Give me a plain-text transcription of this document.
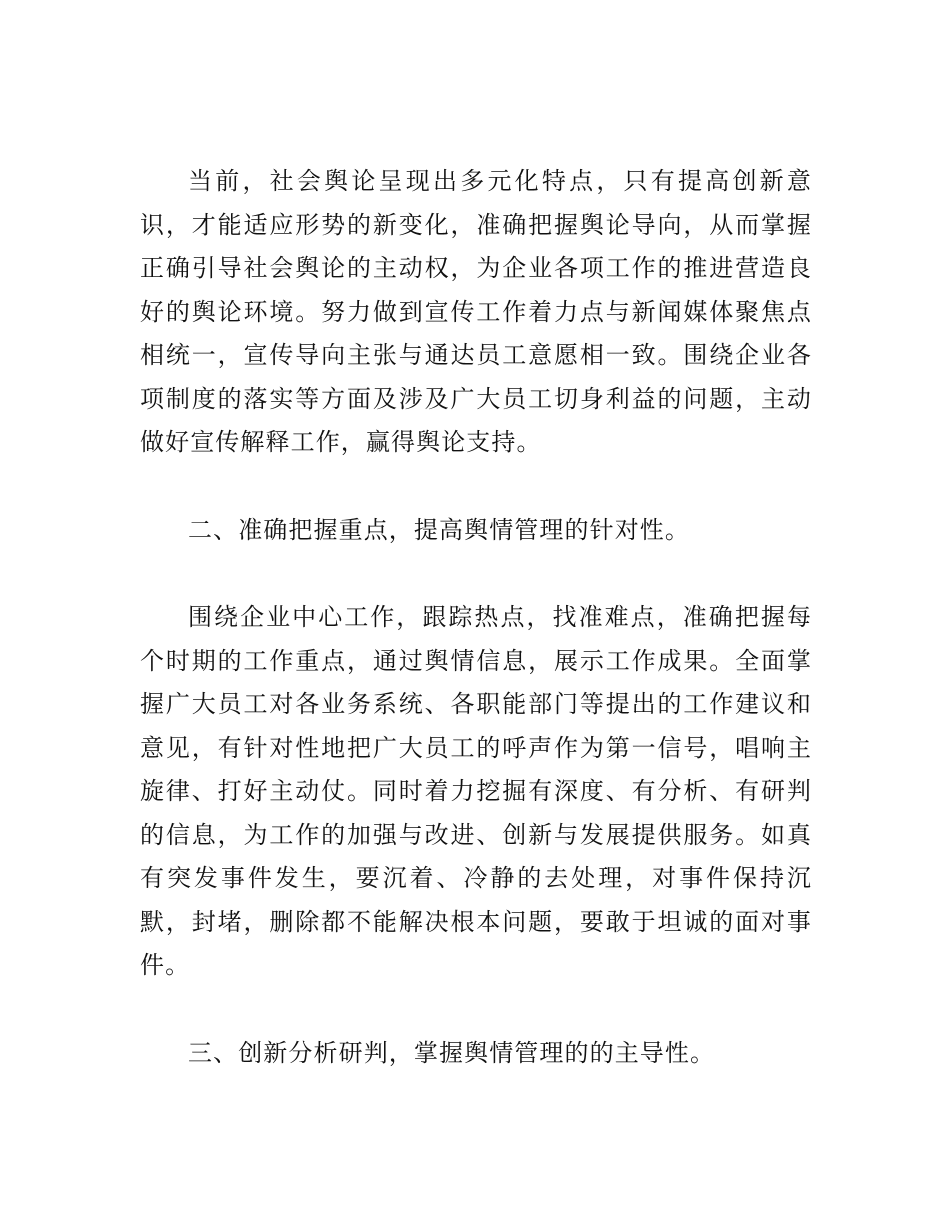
当前，社会舆论呈现出多元化特点，只有提高创新意识，才能适应形势的新变化，准确把握舆论导向，从而掌握正确引导社会舆论的主动权，为企业各项工作的推进营造良好的舆论环境。努力做到宣传工作着力点与新闻媒体聚焦点相统一，宣传导向主张与通达员工意愿相一致。围绕企业各项制度的落实等方面及涉及广大员工切身利益的问题，主动做好宣传解释工作，赢得舆论支持。

二、准确把握重点，提高舆情管理的针对性。

围绕企业中心工作，跟踪热点，找准难点，准确把握每个时期的工作重点，通过舆情信息，展示工作成果。全面掌握广大员工对各业务系统、各职能部门等提出的工作建议和意见，有针对性地把广大员工的呼声作为第一信号，唱响主旋律、打好主动仗。同时着力挖掘有深度、有分析、有研判的信息，为工作的加强与改进、创新与发展提供服务。如真有突发事件发生，要沉着、冷静的去处理，对事件保持沉默，封堵，删除都不能解决根本问题，要敢于坦诚的面对事件。

三、创新分析研判，掌握舆情管理的的主导性。
